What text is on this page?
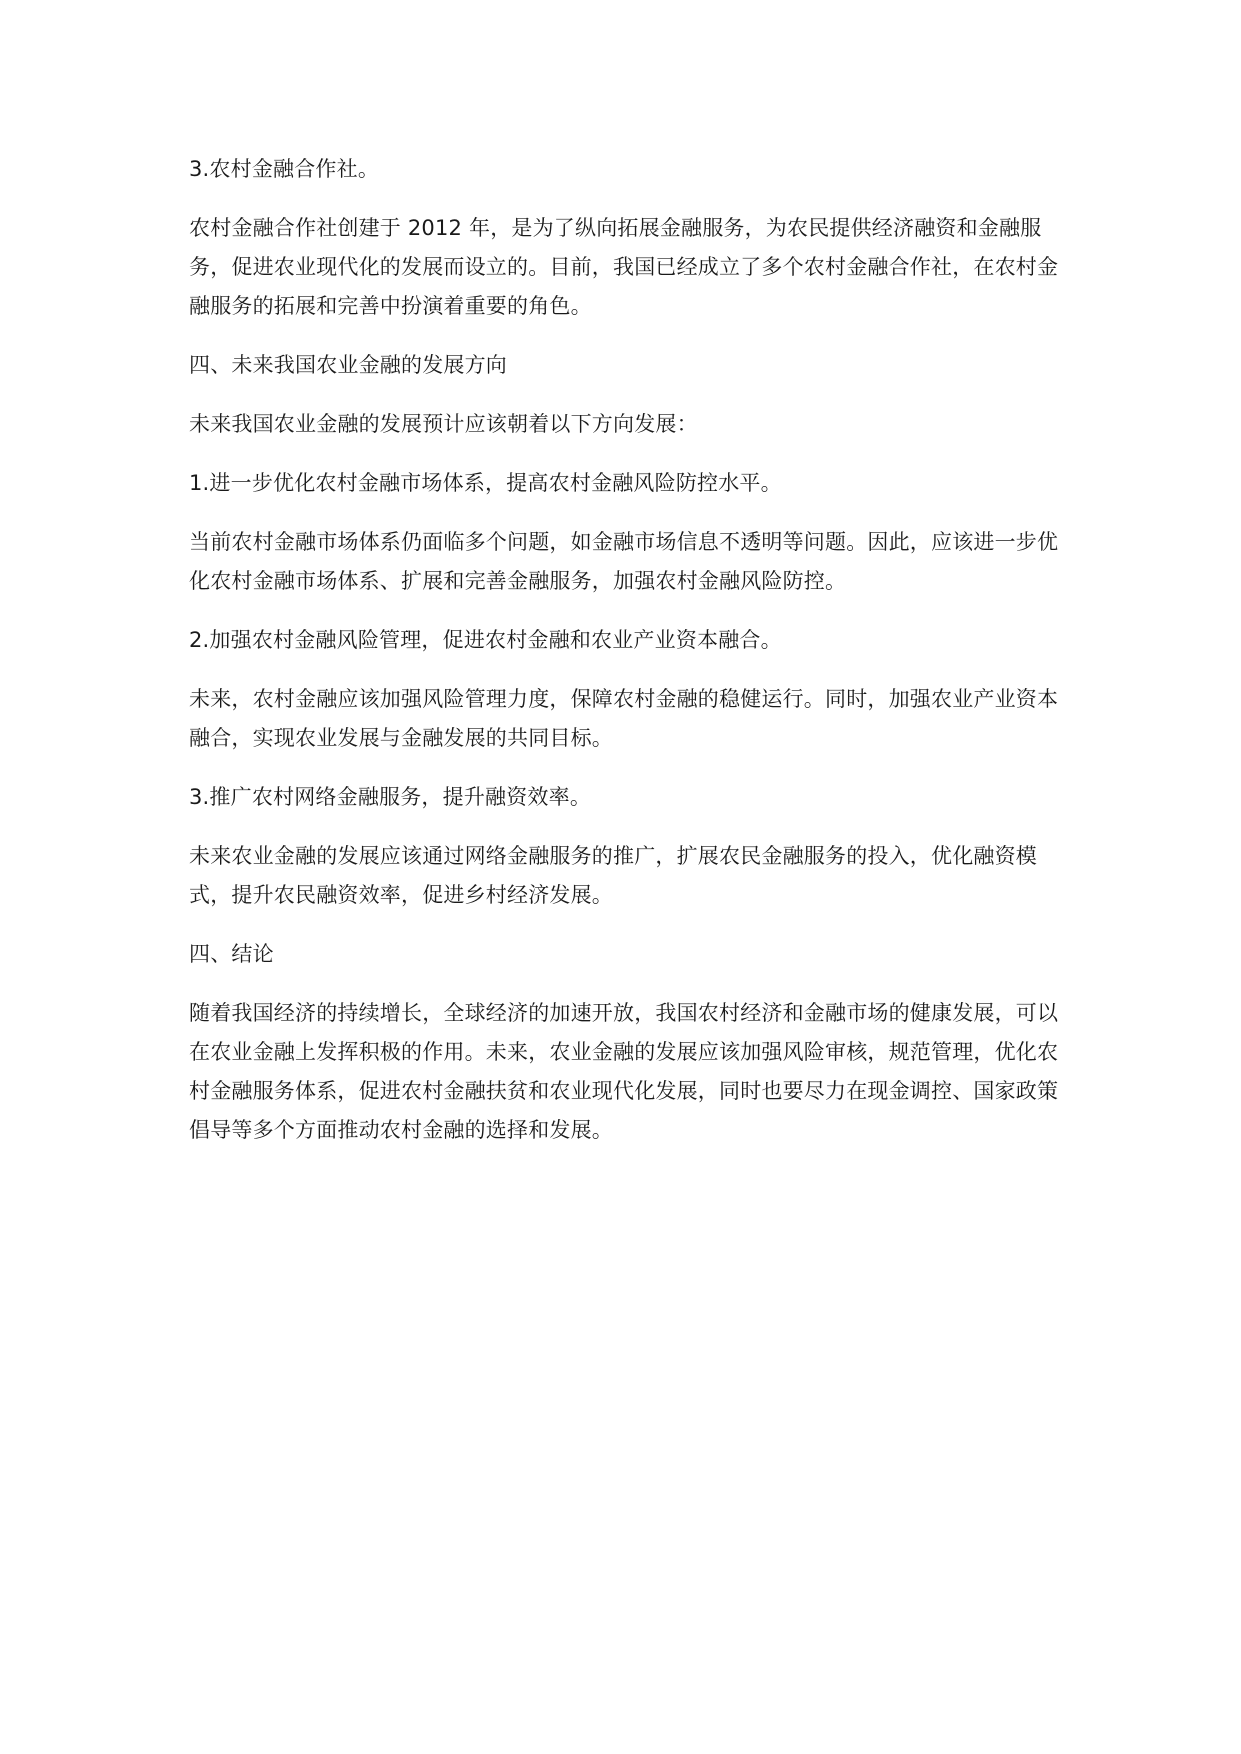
3.农村金融合作社。

农村金融合作社创建于 2012 年，是为了纵向拓展金融服务，为农民提供经济融资和金融服务，促进农业现代化的发展而设立的。目前，我国已经成立了多个农村金融合作社，在农村金融服务的拓展和完善中扮演着重要的角色。

四、未来我国农业金融的发展方向

未来我国农业金融的发展预计应该朝着以下方向发展：

1.进一步优化农村金融市场体系，提高农村金融风险防控水平。

当前农村金融市场体系仍面临多个问题，如金融市场信息不透明等问题。因此，应该进一步优化农村金融市场体系、扩展和完善金融服务，加强农村金融风险防控。

2.加强农村金融风险管理，促进农村金融和农业产业资本融合。

未来，农村金融应该加强风险管理力度，保障农村金融的稳健运行。同时，加强农业产业资本融合，实现农业发展与金融发展的共同目标。

3.推广农村网络金融服务，提升融资效率。

未来农业金融的发展应该通过网络金融服务的推广，扩展农民金融服务的投入，优化融资模式，提升农民融资效率，促进乡村经济发展。

四、结论

随着我国经济的持续增长，全球经济的加速开放，我国农村经济和金融市场的健康发展，可以在农业金融上发挥积极的作用。未来，农业金融的发展应该加强风险审核，规范管理，优化农村金融服务体系，促进农村金融扶贫和农业现代化发展，同时也要尽力在现金调控、国家政策倡导等多个方面推动农村金融的选择和发展。
